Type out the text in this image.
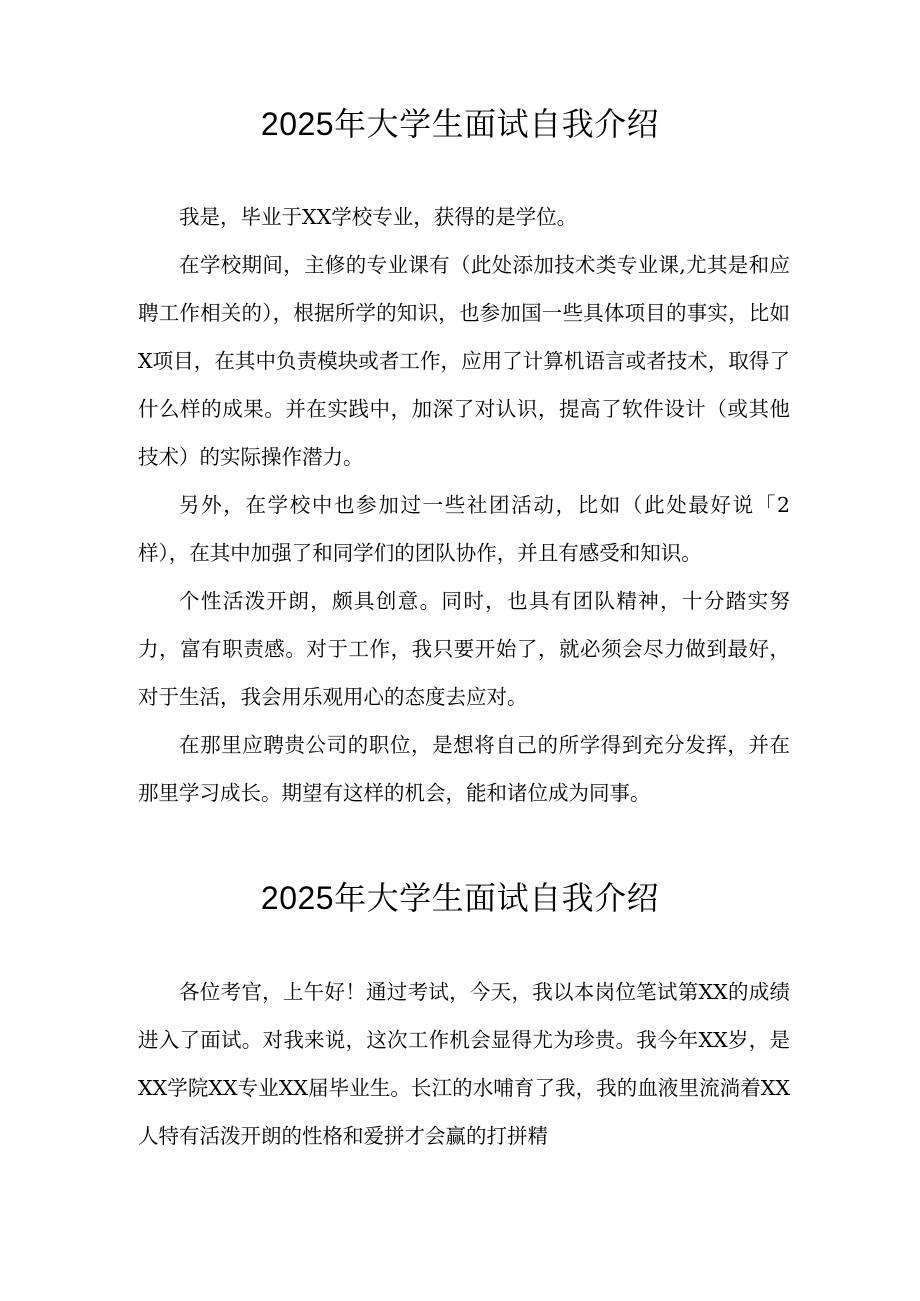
2025年大学生面试自我介绍

我是，毕业于XX学校专业，获得的是学位。

在学校期间，主修的专业课有（此处添加技术类专业课,尤其是和应聘工作相关的），根据所学的知识，也参加国一些具体项目的事实，比如X项目，在其中负责模块或者工作，应用了计算机语言或者技术，取得了什么样的成果。并在实践中，加深了对认识，提高了软件设计（或其他技术）的实际操作潜力。

另外，在学校中也参加过一些社团活动，比如（此处最好说「2样），在其中加强了和同学们的团队协作，并且有感受和知识。

个性活泼开朗，颇具创意。同时，也具有团队精神，十分踏实努力，富有职责感。对于工作，我只要开始了，就必须会尽力做到最好，对于生活，我会用乐观用心的态度去应对。

在那里应聘贵公司的职位，是想将自己的所学得到充分发挥，并在那里学习成长。期望有这样的机会，能和诸位成为同事。

2025年大学生面试自我介绍

各位考官，上午好！通过考试，今天，我以本岗位笔试第XX的成绩进入了面试。对我来说，这次工作机会显得尤为珍贵。我今年XX岁，是XX学院XX专业XX届毕业生。长江的水哺育了我，我的血液里流淌着XX人特有活泼开朗的性格和爱拼才会赢的打拼精
